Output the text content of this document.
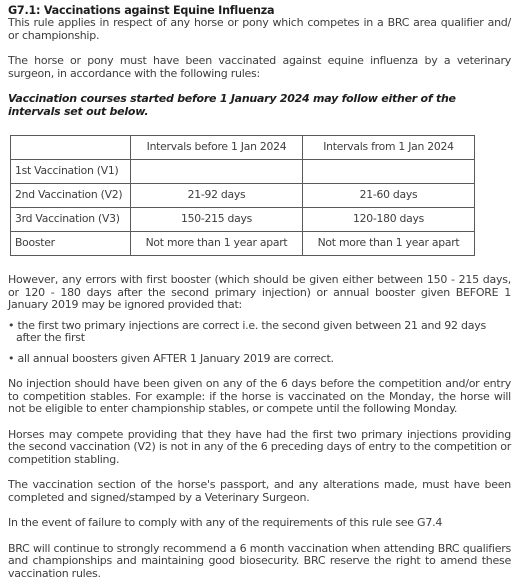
G7.1: Vaccinations against Equine Influenza

This rule applies in respect of any horse or pony which competes in a BRC area qualifier and/ or championship.

The horse or pony must have been vaccinated against equine influenza by a veterinary surgeon, in accordance with the following rules:

Vaccination courses started before 1 January 2024 may follow either of the intervals set out below.

	Intervals before 1 Jan 2024	Intervals from 1 Jan 2024
1st Vaccination (V1)		
2nd Vaccination (V2)	21-92 days	21-60 days
3rd Vaccination (V3)	150-215 days	120-180 days
Booster	Not more than 1 year apart	Not more than 1 year apart

However, any errors with first booster (which should be given either between 150 - 215 days, or 120 - 180 days after the second primary injection) or annual booster given BEFORE 1 January 2019 may be ignored provided that:

• the first two primary injections are correct i.e. the second given between 21 and 92 days after the first

• all annual boosters given AFTER 1 January 2019 are correct.

No injection should have been given on any of the 6 days before the competition and/or entry to competition stables. For example: if the horse is vaccinated on the Monday, the horse will not be eligible to enter championship stables, or compete until the following Monday.

Horses may compete providing that they have had the first two primary injections providing the second vaccination (V2) is not in any of the 6 preceding days of entry to the competition or competition stabling.

The vaccination section of the horse's passport, and any alterations made, must have been completed and signed/stamped by a Veterinary Surgeon.

In the event of failure to comply with any of the requirements of this rule see G7.4

BRC will continue to strongly recommend a 6 month vaccination when attending BRC qualifiers and championships and maintaining good biosecurity. BRC reserve the right to amend these vaccination rules.
